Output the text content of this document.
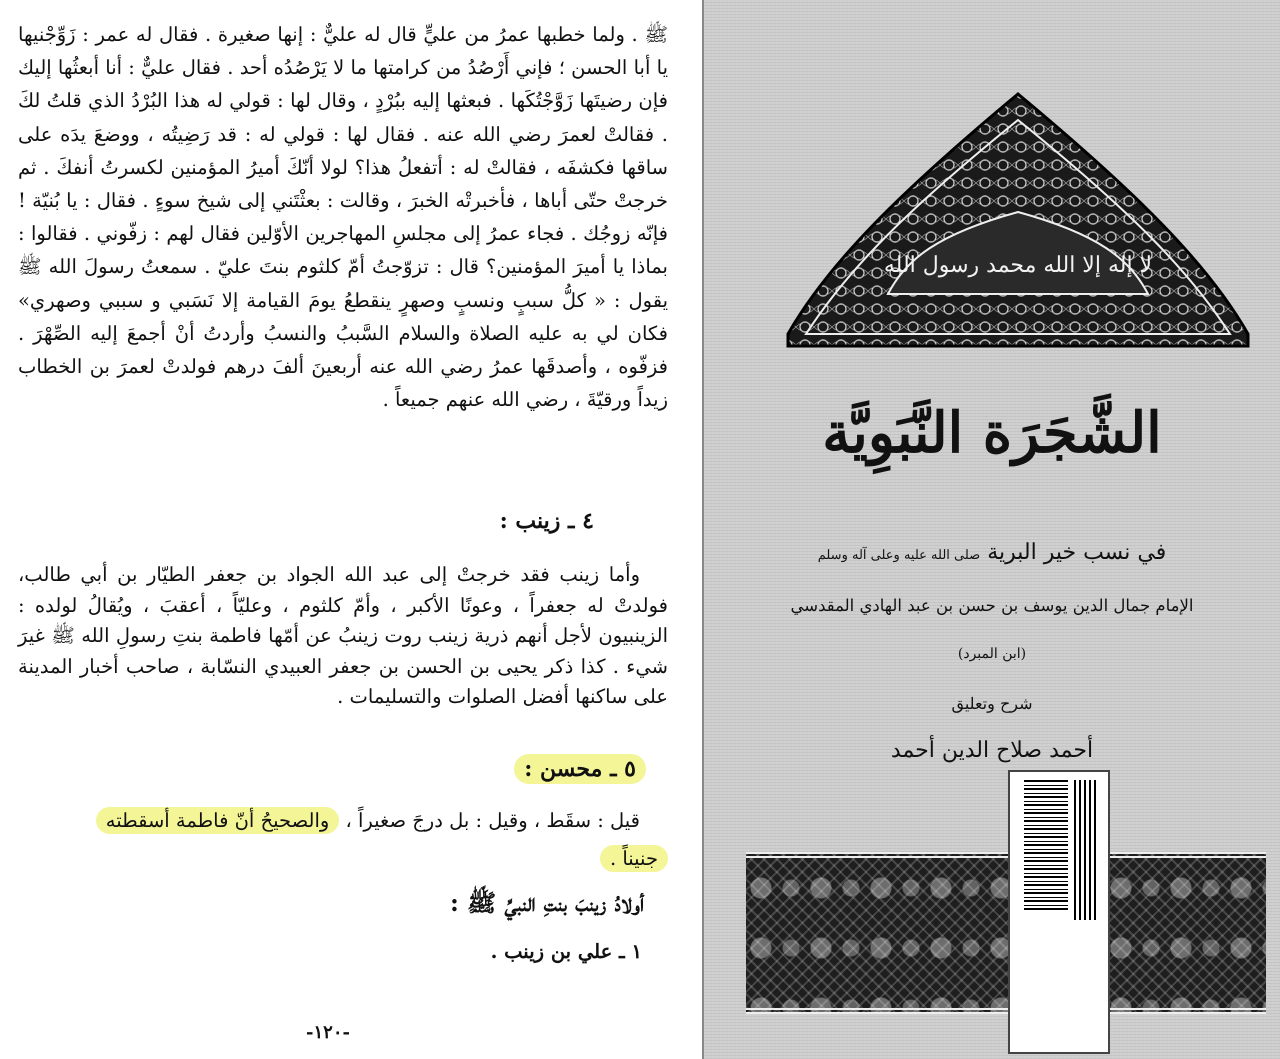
ﷺ . ولما خطبها عمرُ من عليٍّ قال له عليٌّ : إنها صغيرة . فقال له عمر : زَوِّجْنيها يا أبا الحسن ؛ فإني أَرْصُدُ من كرامتها ما لا يَرْصُدُه أحد . فقال عليٌّ : أنا أبعثُها إليك فإن رضيتَها زَوَّجْتُكَها . فبعثها إليه ببُرْدٍ ، وقال لها : قولي له هذا البُرْدُ الذي قلتُ لكَ . فقالتْ لعمرَ رضي الله عنه . فقال لها : قولي له : قد رَضِيتُه ، ووضعَ يدَه على ساقها فكشفَه ، فقالتْ له : أتفعلُ هذا؟ لولا أنّكَ أميرُ المؤمنين لكسرتُ أنفكَ . ثم خرجتْ حتّى أباها ، فأخبرتْه الخبرَ ، وقالت : بعثْتَني إلى شيخ سوءٍ . فقال : يا بُنيّة ! فإنّه زوجُك . فجاء عمرُ إلى مجلسِ المهاجرين الأوّلين فقال لهم : زفّوني . فقالوا : بماذا يا أميرَ المؤمنين؟ قال : تزوّجتُ أمّ كلثوم بنتَ عليّ . سمعتُ رسولَ الله ﷺ يقول : « كلُّ سببٍ ونسبٍ وصهرٍ ينقطعُ يومَ القيامة إلا نَسَبي و سببي وصهري» فكان لي به عليه الصلاة والسلام السَّببُ والنسبُ وأردتُ أنْ أجمعَ إليه الصِّهْرَ . فزفّوه ، وأصدقَها عمرُ رضي الله عنه أربعينَ ألفَ درهم فولدتْ لعمرَ بن الخطاب زيداً ورقيّةَ ، رضي الله عنهم جميعاً .

٤ ـ زينب :

وأما زينب فقد خرجتْ إلى عبد الله الجواد بن جعفر الطيّار بن أبي طالب، فولدتْ له جعفراً ، وعونًا الأكبر ، وأمّ كلثوم ، وعليّاً ، أعقبَ ، ويُقالُ لولده : الزينبيون لأجل أنهم ذرية زينب روت زينبُ عن أمّها فاطمة بنتِ رسولِ الله ﷺ غيرَ شيء . كذا ذكر يحيى بن الحسن بن جعفر العبيدي النسّابة ، صاحب أخبار المدينة على ساكنها أفضل الصلوات والتسليمات .

٥ ـ محسن :

قيل : سقَط ، وقيل : بل درجَ صغيراً ، والصحيحُ أنّ فاطمة أسقطته
جنيناً .

أولادُ زينبَ بنتِ النبيِّ ﷺ :
١ ـ علي بن زينب .
-١٢٠-
لا إله إلا الله محمد رسول الله
الشَّجَرَة النَّبَوِيَّة
في نسب خير البرية صلى الله عليه وعلى آله وسلم
الإمام جمال الدين يوسف بن حسن بن عبد الهادي المقدسي
(ابن المبرد)
شرح وتعليق
أحمد صلاح الدين أحمد
